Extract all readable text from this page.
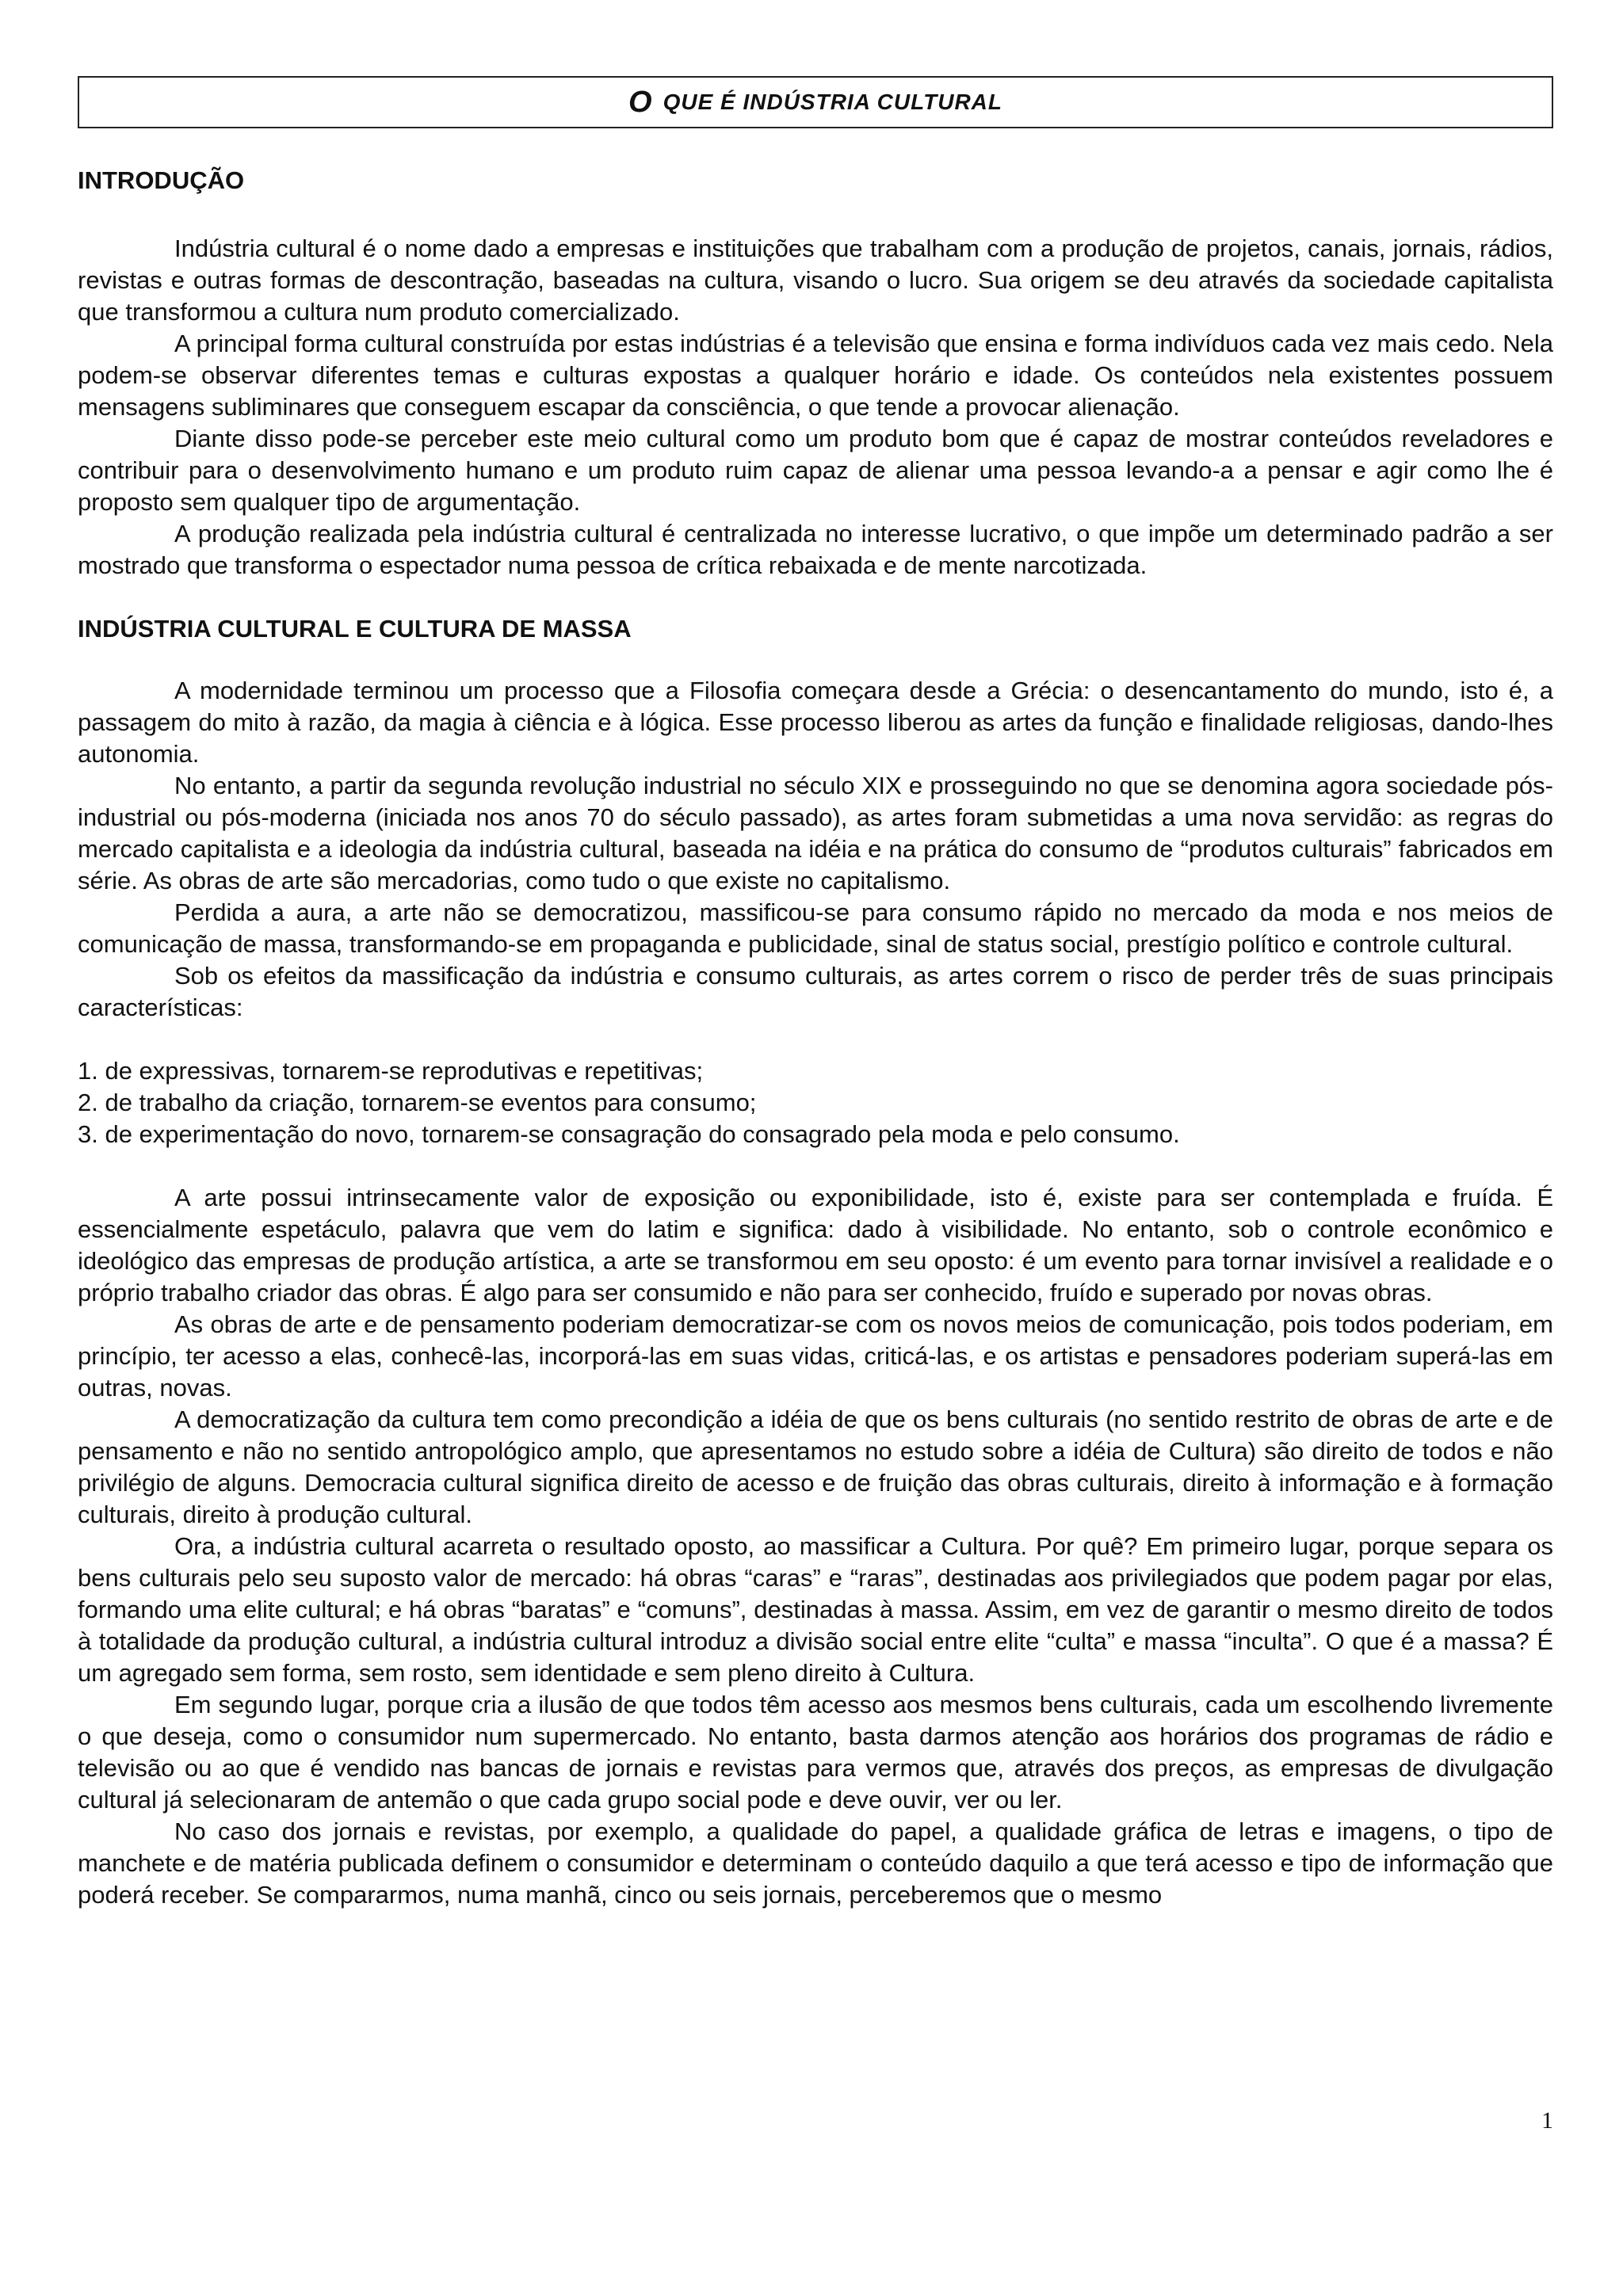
O QUE É INDÚSTRIA CULTURAL
INTRODUÇÃO

Indústria cultural é o nome dado a empresas e instituições que trabalham com a produção de projetos, canais, jornais, rádios, revistas e outras formas de descontração, baseadas na cultura, visando o lucro. Sua origem se deu através da sociedade capitalista que transformou a cultura num produto comercializado.

A principal forma cultural construída por estas indústrias é a televisão que ensina e forma indivíduos cada vez mais cedo. Nela podem-se observar diferentes temas e culturas expostas a qualquer horário e idade. Os conteúdos nela existentes possuem mensagens subliminares que conseguem escapar da consciência, o que tende a provocar alienação.

Diante disso pode-se perceber este meio cultural como um produto bom que é capaz de mostrar conteúdos reveladores e contribuir para o desenvolvimento humano e um produto ruim capaz de alienar uma pessoa levando-a a pensar e agir como lhe é proposto sem qualquer tipo de argumentação.

A produção realizada pela indústria cultural é centralizada no interesse lucrativo, o que impõe um determinado padrão a ser mostrado que transforma o espectador numa pessoa de crítica rebaixada e de mente narcotizada.

INDÚSTRIA CULTURAL E CULTURA DE MASSA

A modernidade terminou um processo que a Filosofia começara desde a Grécia: o desencantamento do mundo, isto é, a passagem do mito à razão, da magia à ciência e à lógica. Esse processo liberou as artes da função e finalidade religiosas, dando-lhes autonomia.

No entanto, a partir da segunda revolução industrial no século XIX e prosseguindo no que se denomina agora sociedade pós-industrial ou pós-moderna (iniciada nos anos 70 do século passado), as artes foram submetidas a uma nova servidão: as regras do mercado capitalista e a ideologia da indústria cultural, baseada na idéia e na prática do consumo de “produtos culturais” fabricados em série. As obras de arte são mercadorias, como tudo o que existe no capitalismo.

Perdida a aura, a arte não se democratizou, massificou-se para consumo rápido no mercado da moda e nos meios de comunicação de massa, transformando-se em propaganda e publicidade, sinal de status social, prestígio político e controle cultural.

Sob os efeitos da massificação da indústria e consumo culturais, as artes correm o risco de perder três de suas principais características:

1. de expressivas, tornarem-se reprodutivas e repetitivas;
2. de trabalho da criação, tornarem-se eventos para consumo;
3. de experimentação do novo, tornarem-se consagração do consagrado pela moda e pelo consumo.

A arte possui intrinsecamente valor de exposição ou exponibilidade, isto é, existe para ser contemplada e fruída. É essencialmente espetáculo, palavra que vem do latim e significa: dado à visibilidade. No entanto, sob o controle econômico e ideológico das empresas de produção artística, a arte se transformou em seu oposto: é um evento para tornar invisível a realidade e o próprio trabalho criador das obras. É algo para ser consumido e não para ser conhecido, fruído e superado por novas obras.

As obras de arte e de pensamento poderiam democratizar-se com os novos meios de comunicação, pois todos poderiam, em princípio, ter acesso a elas, conhecê-las, incorporá-las em suas vidas, criticá-las, e os artistas e pensadores poderiam superá-las em outras, novas.

A democratização da cultura tem como precondição a idéia de que os bens culturais (no sentido restrito de obras de arte e de pensamento e não no sentido antropológico amplo, que apresentamos no estudo sobre a idéia de Cultura) são direito de todos e não privilégio de alguns. Democracia cultural significa direito de acesso e de fruição das obras culturais, direito à informação e à formação culturais, direito à produção cultural.

Ora, a indústria cultural acarreta o resultado oposto, ao massificar a Cultura. Por quê? Em primeiro lugar, porque separa os bens culturais pelo seu suposto valor de mercado: há obras “caras” e “raras”, destinadas aos privilegiados que podem pagar por elas, formando uma elite cultural; e há obras “baratas” e “comuns”, destinadas à massa. Assim, em vez de garantir o mesmo direito de todos à totalidade da produção cultural, a indústria cultural introduz a divisão social entre elite “culta” e massa “inculta”. O que é a massa? É um agregado sem forma, sem rosto, sem identidade e sem pleno direito à Cultura.

Em segundo lugar, porque cria a ilusão de que todos têm acesso aos mesmos bens culturais, cada um escolhendo livremente o que deseja, como o consumidor num supermercado. No entanto, basta darmos atenção aos horários dos programas de rádio e televisão ou ao que é vendido nas bancas de jornais e revistas para vermos que, através dos preços, as empresas de divulgação cultural já selecionaram de antemão o que cada grupo social pode e deve ouvir, ver ou ler.

No caso dos jornais e revistas, por exemplo, a qualidade do papel, a qualidade gráfica de letras e imagens, o tipo de manchete e de matéria publicada definem o consumidor e determinam o conteúdo daquilo a que terá acesso e tipo de informação que poderá receber. Se compararmos, numa manhã, cinco ou seis jornais, perceberemos que o mesmo

1
